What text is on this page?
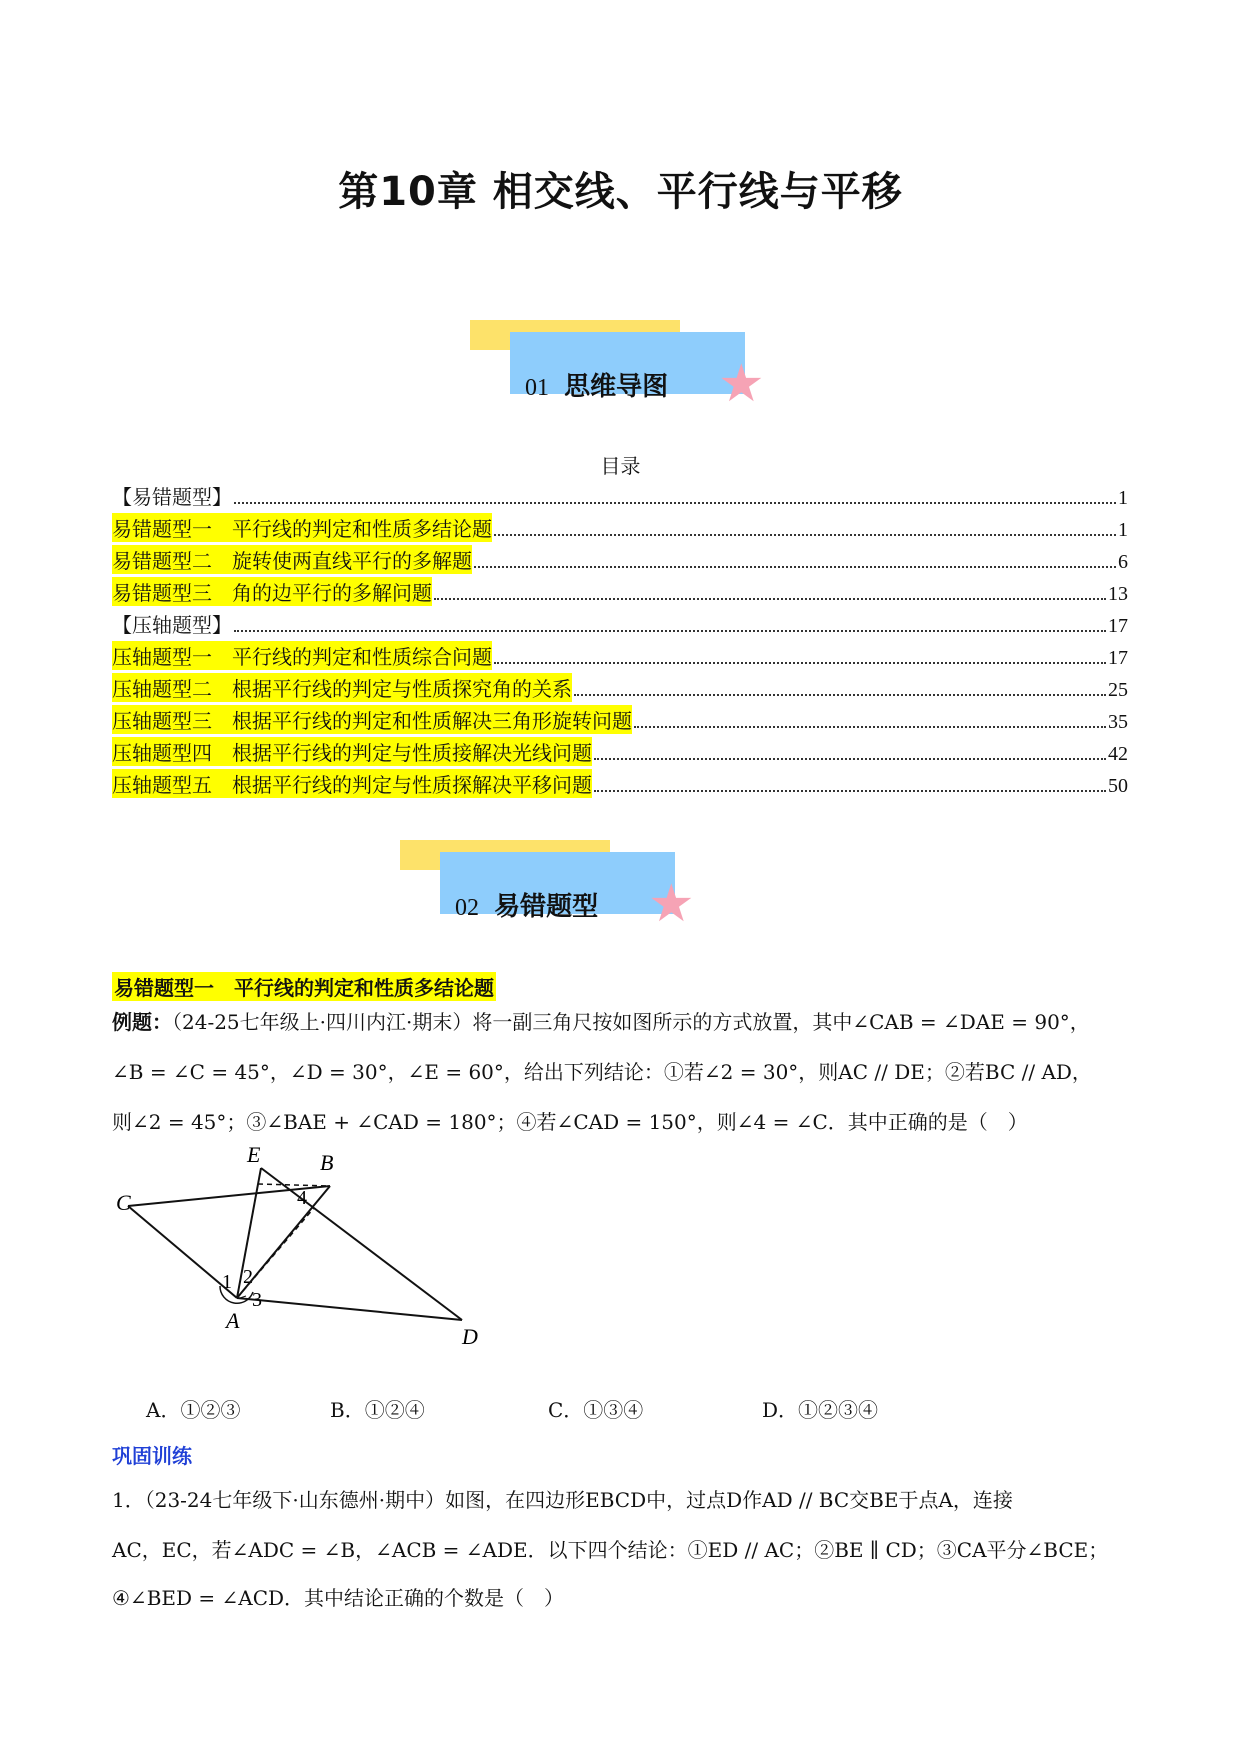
第10章 相交线、平行线与平移
01 思维导图 ★
目录
【易错题型】	1
易错题型一　平行线的判定和性质多结论题	1
易错题型二　旋转使两直线平行的多解题	6
易错题型三　角的边平行的多解问题	13
【压轴题型】	17
压轴题型一　平行线的判定和性质综合问题	17
压轴题型二　根据平行线的判定与性质探究角的关系	25
压轴题型三　根据平行线的判定和性质解决三角形旋转问题	35
压轴题型四　根据平行线的判定与性质接解决光线问题	42
压轴题型五　根据平行线的判定与性质探解决平移问题	50
02 易错题型 ★
易错题型一　平行线的判定和性质多结论题
例题：（24-25七年级上·四川内江·期末）将一副三角尺按如图所示的方式放置，其中∠CAB = ∠DAE = 90°，
∠B = ∠C = 45°，∠D = 30°，∠E = 60°，给出下列结论：①若∠2 = 30°，则AC // DE；②若BC // AD，
则∠2 = 45°；③∠BAE + ∠CAD = 180°；④若∠CAD = 150°，则∠4 = ∠C．其中正确的是（　）
C
E	B
A
D
1 2
3
4
A．①②③	B．①②④	C．①③④	D．①②③④
巩固训练
1．（23-24七年级下·山东德州·期中）如图，在四边形EBCD中，过点D作AD // BC交BE于点A，连接
AC，EC，若∠ADC = ∠B，∠ACB = ∠ADE．以下四个结论：①ED // AC；②BE ∥ CD；③CA平分∠BCE；
④∠BED = ∠ACD．其中结论正确的个数是（　）
